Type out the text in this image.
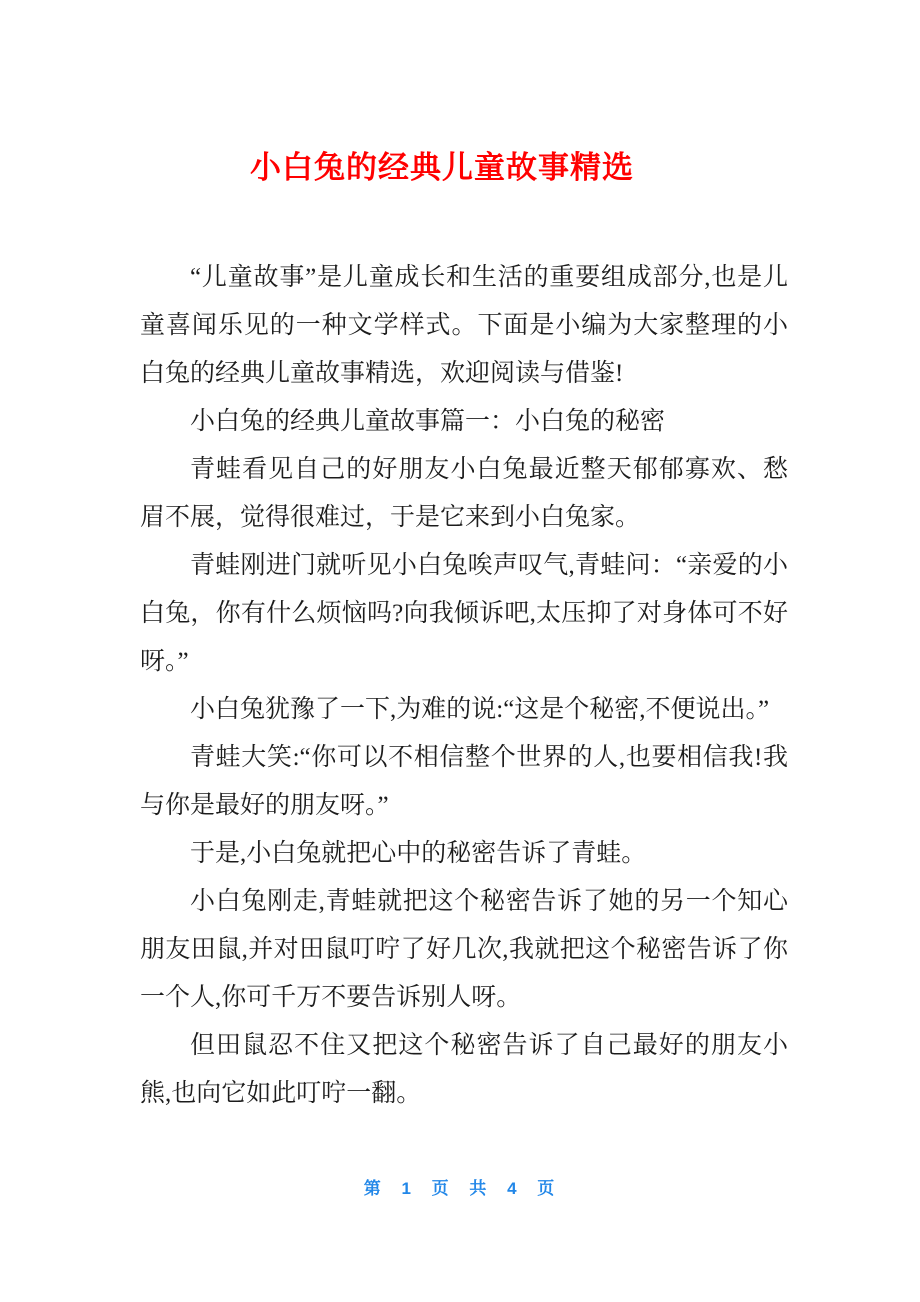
小白兔的经典儿童故事精选

“儿童故事”是儿童成长和生活的重要组成部分,也是儿童喜闻乐见的一种文学样式。下面是小编为大家整理的小白兔的经典儿童故事精选，欢迎阅读与借鉴!

小白兔的经典儿童故事篇一：小白兔的秘密

青蛙看见自己的好朋友小白兔最近整天郁郁寡欢、愁眉不展，觉得很难过，于是它来到小白兔家。

青蛙刚进门就听见小白兔唉声叹气,青蛙问：“亲爱的小白兔，你有什么烦恼吗?向我倾诉吧,太压抑了对身体可不好呀。”

小白兔犹豫了一下,为难的说:“这是个秘密,不便说出。”

青蛙大笑:“你可以不相信整个世界的人,也要相信我!我与你是最好的朋友呀。”

于是,小白兔就把心中的秘密告诉了青蛙。

小白兔刚走,青蛙就把这个秘密告诉了她的另一个知心朋友田鼠,并对田鼠叮咛了好几次,我就把这个秘密告诉了你一个人,你可千万不要告诉别人呀。

但田鼠忍不住又把这个秘密告诉了自己最好的朋友小熊,也向它如此叮咛一翻。

第 1 页 共 4 页
